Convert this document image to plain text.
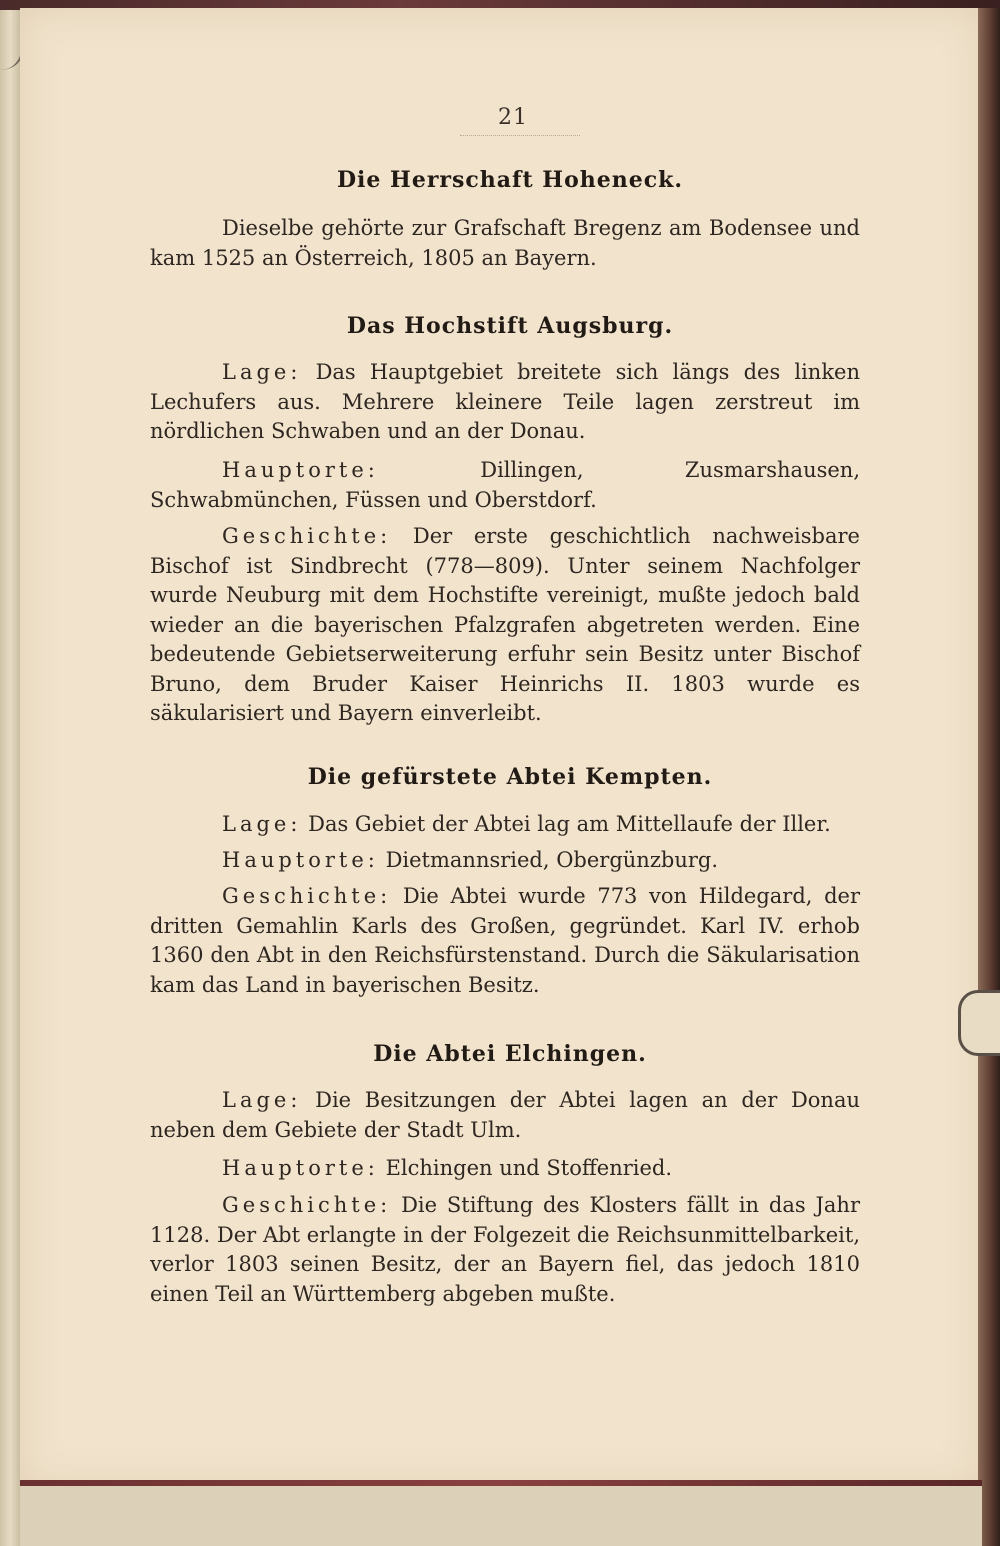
21
Die Herrschaft Hoheneck.
Dieselbe gehörte zur Grafschaft Bregenz am Bodensee und kam 1525 an Österreich, 1805 an Bayern.
Das Hochstift Augsburg.
Lage: Das Hauptgebiet breitete sich längs des linken Lechufers aus. Mehrere kleinere Teile lagen zerstreut im nördlichen Schwaben und an der Donau.
Hauptorte:	Dillingen, Zusmarshausen, Schwabmünchen, Füssen und Oberstdorf.
Geschichte: Der erste geschichtlich nachweisbare Bischof ist Sindbrecht (778—809). Unter seinem Nachfolger wurde Neuburg mit dem Hochstifte vereinigt, mußte jedoch bald wieder an die bayerischen Pfalzgrafen abgetreten werden. Eine bedeutende Gebietserweiterung erfuhr sein Besitz unter Bischof Bruno, dem Bruder Kaiser Heinrichs II. 1803 wurde es säkularisiert und Bayern einverleibt.
Die gefürstete Abtei Kempten.
Lage: Das Gebiet der Abtei lag am Mittellaufe der Iller.
Hauptorte: Dietmannsried, Obergünzburg.
Geschichte: Die Abtei wurde 773 von Hildegard, der dritten Gemahlin Karls des Großen, gegründet. Karl IV. erhob 1360 den Abt in den Reichsfürstenstand. Durch die Säkularisation kam das Land in bayerischen Besitz.
Die Abtei Elchingen.
Lage: Die Besitzungen der Abtei lagen an der Donau neben dem Gebiete der Stadt Ulm.
Hauptorte: Elchingen und Stoffenried.
Geschichte: Die Stiftung des Klosters fällt in das Jahr 1128. Der Abt erlangte in der Folgezeit die Reichsunmittelbarkeit, verlor 1803 seinen Besitz, der an Bayern fiel, das jedoch 1810 einen Teil an Württemberg abgeben mußte.
